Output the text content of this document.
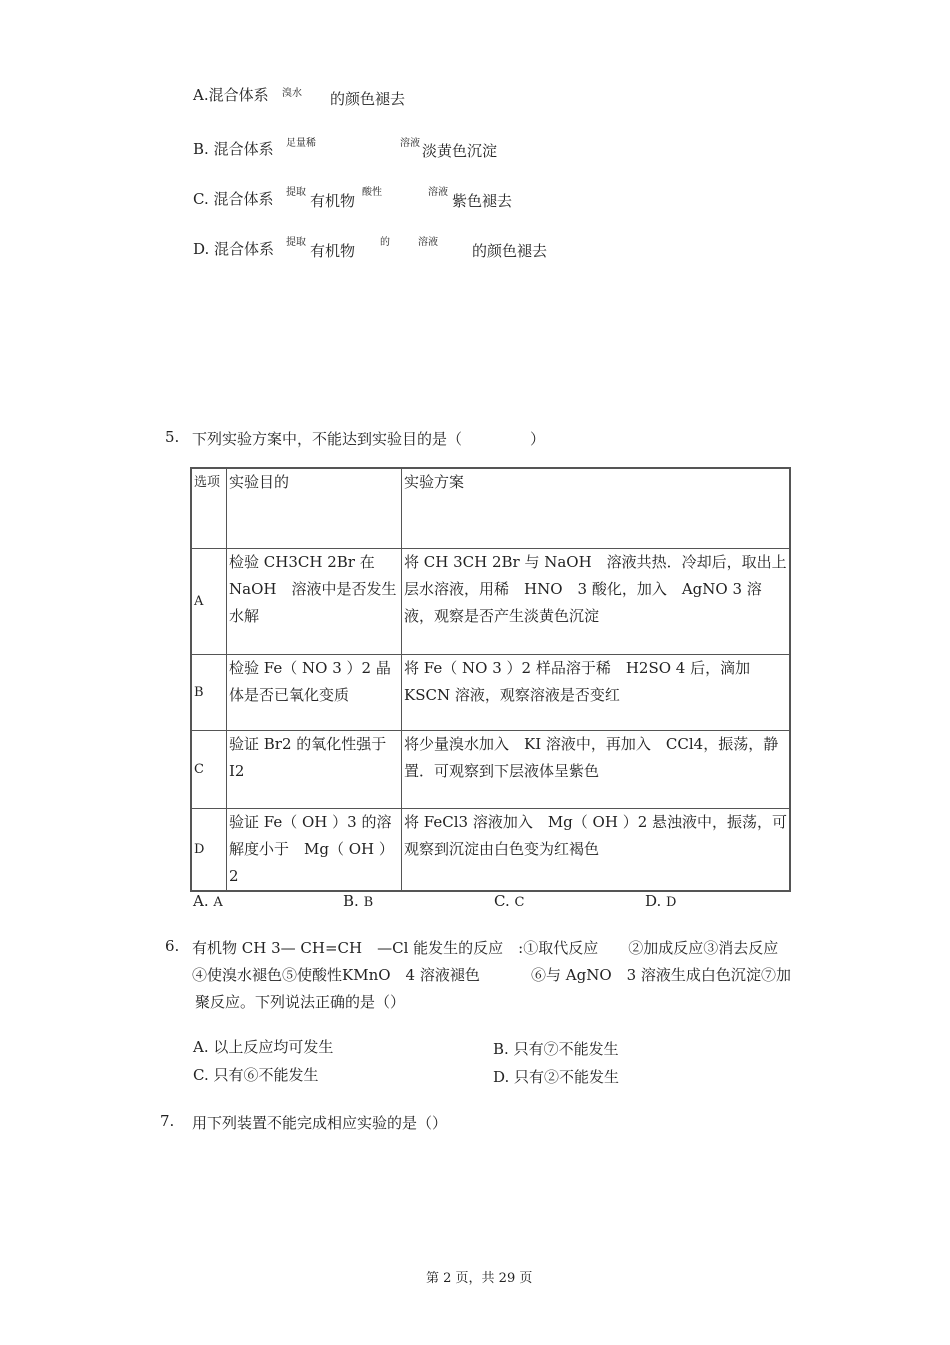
A.混合体系 溴水 的颜色褪去
B. 混合体系 足量稀	溶液 淡黄色沉淀
C. 混合体系 提取 有机物 酸性	溶液 紫色褪去
D. 混合体系 提取 有机物 的	溶液 的颜色褪去
5. 下列实验方案中，不能达到实验目的是（	）
选项	实验目的	实验方案
A	检验 CH3CH 2Br 在 NaOH　溶液中是否发生水解	将 CH 3CH 2Br 与 NaOH　溶液共热．冷却后，取出上层水溶液，用稀　HNO　3 酸化，加入　AgNO 3 溶液，观察是否产生淡黄色沉淀
B	检验 Fe（ NO 3 ）2 晶体是否已氧化变质	将 Fe（ NO 3 ）2 样品溶于稀　H2SO 4 后，滴加　KSCN 溶液，观察溶液是否变红
C	验证 Br2 的氧化性强于 I2	将少量溴水加入　KI 溶液中，再加入　CCl4，振荡，静置．可观察到下层液体呈紫色
D	验证 Fe（ OH ）3 的溶解度小于　Mg（ OH ）2	将 FeCl3 溶液加入　Mg（ OH ）2 悬浊液中，振荡，可观察到沉淀由白色变为红褐色
A. A	B. B	C. C	D. D
6. 有机物 CH 3— CH=CH　—Cl 能发生的反应　:①取代反应　　②加成反应③消去反应
④使溴水褪色⑤使酸性KMnO　4 溶液褪色	⑥与 AgNO　3 溶液生成白色沉淀⑦加
聚反应。下列说法正确的是（）
A. 以上反应均可发生	B. 只有⑦不能发生
C. 只有⑥不能发生	D. 只有②不能发生
7. 用下列装置不能完成相应实验的是（）
第 2 页，共 29 页
